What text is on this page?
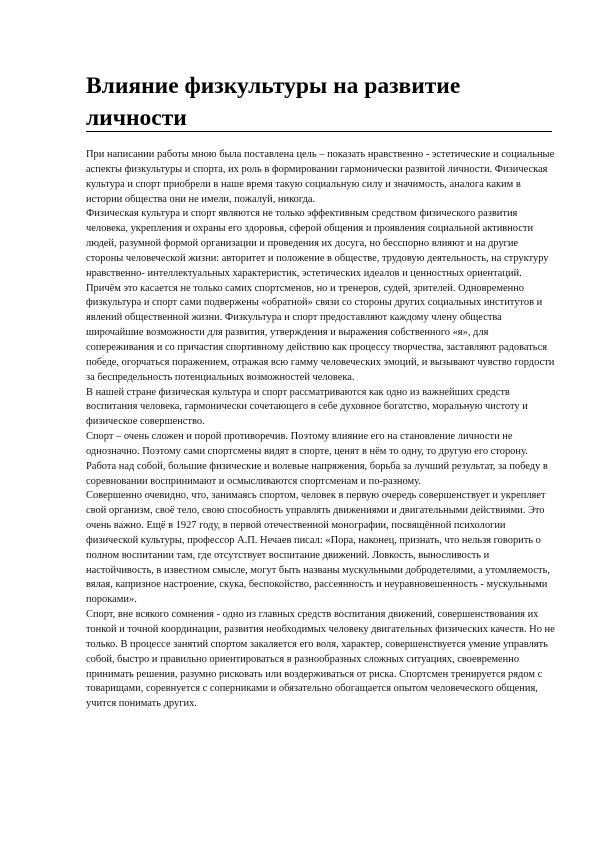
Влияние физкультуры на развитие личности

При написании работы мною была поставлена цель – показать нравственно - эстетические и социальные аспекты физкультуры и спорта, их роль в формировании гармонически развитой личности. Физическая культура и спорт приобрели в наше время такую социальную силу и значимость, аналога каким в истории общества они не имели, пожалуй, никогда.

Физическая культура и спорт являются не только эффективным средством физического развития человека, укрепления и охраны его здоровья, сферой общения и проявления социальной активности людей, разумной формой организации и проведения их досуга, но бесспорно влияют и на другие стороны человеческой жизни: авторитет и положение в обществе, трудовую деятельность, на структуру нравственно- интеллектуальных характеристик, эстетических идеалов и ценностных ориентаций. Причём это касается не только самих спортсменов, но и тренеров, судей, зрителей. Одновременно физкультура и спорт сами подвержены «обратной» связи со стороны других социальных институтов и явлений общественной жизни. Физкультура и спорт предоставляют каждому члену общества широчайшие возможности для развития, утверждения и выражения собственного «я», для сопереживания и со причастия спортивному действию как процессу творчества, заставляют радоваться победе, огорчаться поражением, отражая всю гамму человеческих эмоций, и вызывают чувство гордости за беспредельность потенциальных возможностей человека.

В нашей стране физическая культура и спорт рассматриваются как одно из важнейших средств воспитания человека, гармонически сочетающего в себе духовное богатство, моральную чистоту и физическое совершенство.

Спорт – очень сложен и порой противоречив. Поэтому влияние его на становление личности не однозначно. Поэтому сами спортсмены видят в спорте, ценят в нём то одну, то другую его сторону. Работа над собой, большие физические и волевые напряжения, борьба за лучший результат, за победу в соревновании воспринимают и осмысливаются спортсменам и по-разному.

Совершенно очевидно, что, занимаясь спортом, человек в первую очередь совершенствует и укрепляет свой организм, своё тело, свою способность управлять движениями и двигательными действиями. Это очень важно. Ещё в 1927 году, в первой отечественной монографии, посвящённой психологии физической культуры, профессор А.П. Нечаев писал: «Пора, наконец, признать, что нельзя говорить о полном воспитании там, где отсутствует воспитание движений. Ловкость, выносливость и настойчивость, в известном смысле, могут быть названы мускульными добродетелями, а утомляемость, вялая, капризное настроение, скука, беспокойство, рассеянность и неуравновешенность - мускульными пороками».

Спорт, вне всякого сомнения - одно из главных средств воспитания движений, совершенствования их тонкой и точной координации, развития необходимых человеку двигательных физических качеств. Но не только. В процессе занятий спортом закаляется его воля, характер, совершенствуется умение управлять собой, быстро и правильно ориентироваться в разнообразных сложных ситуациях, своевременно принимать решения, разумно рисковать или воздерживаться от риска. Спортсмен тренируется рядом с товарищами, соревнуется с соперниками и обязательно обогащается опытом человеческого общения, учится понимать других.
